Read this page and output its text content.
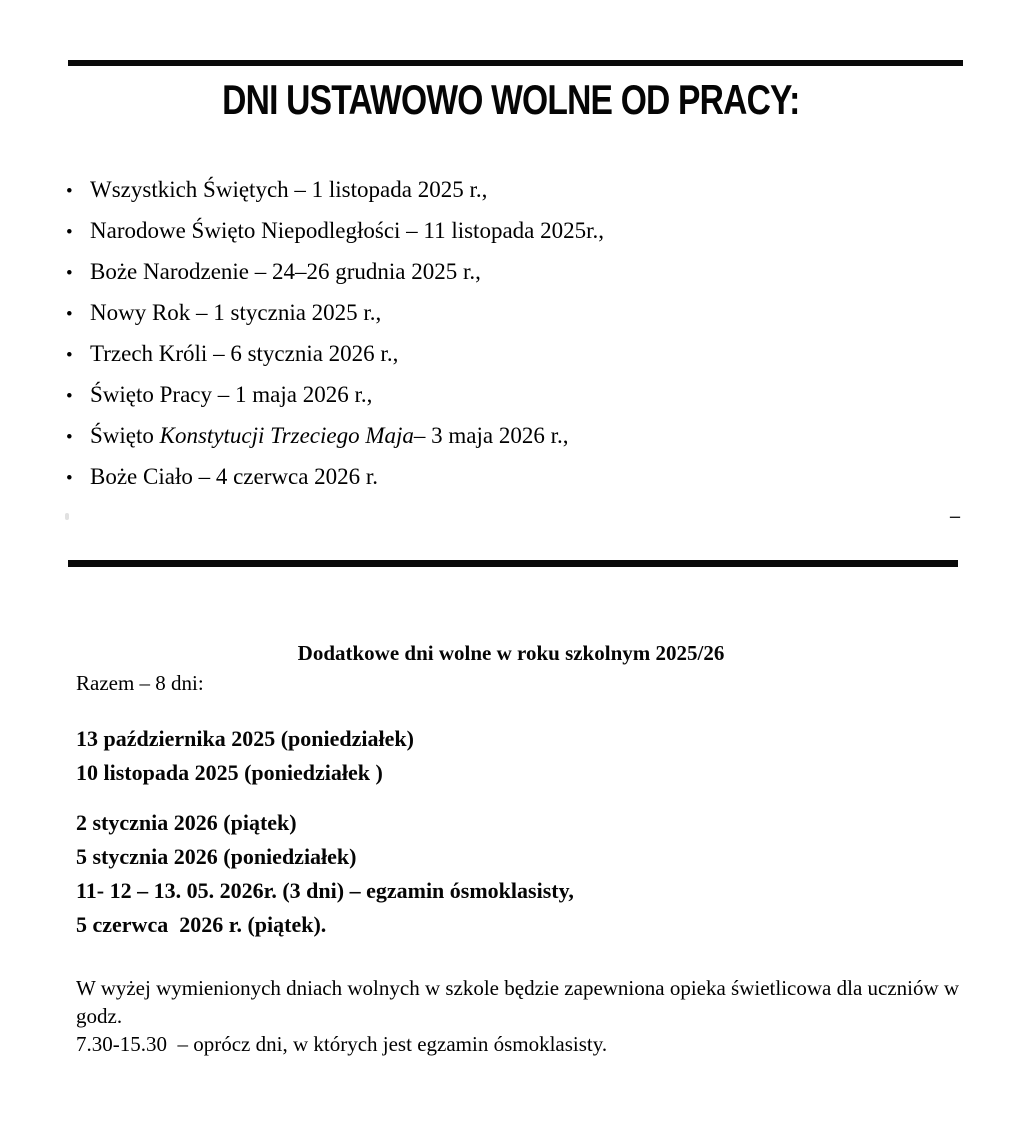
DNI USTAWOWO WOLNE OD PRACY:
• Wszystkich Świętych – 1 listopada 2025 r.,
• Narodowe Święto Niepodległości – 11 listopada 2025r.,
• Boże Narodzenie – 24–26 grudnia 2025 r.,
• Nowy Rok – 1 stycznia 2025 r.,
• Trzech Króli – 6 stycznia 2026 r.,
• Święto Pracy – 1 maja 2026 r.,
• Święto Konstytucji Trzeciego Maja– 3 maja 2026 r.,
• Boże Ciało – 4 czerwca 2026 r.
–
Dodatkowe dni wolne w roku szkolnym 2025/26

Razem – 8 dni:

13 października 2025 (poniedziałek)
10 listopada 2025 (poniedziałek )
2 stycznia 2026 (piątek)
5 stycznia 2026 (poniedziałek)
11- 12 – 13. 05. 2026r. (3 dni) – egzamin ósmoklasisty,
5 czerwca  2026 r. (piątek).

W wyżej wymienionych dniach wolnych w szkole będzie zapewniona opieka świetlicowa dla uczniów w godz.
7.30-15.30  – oprócz dni, w których jest egzamin ósmoklasisty.
